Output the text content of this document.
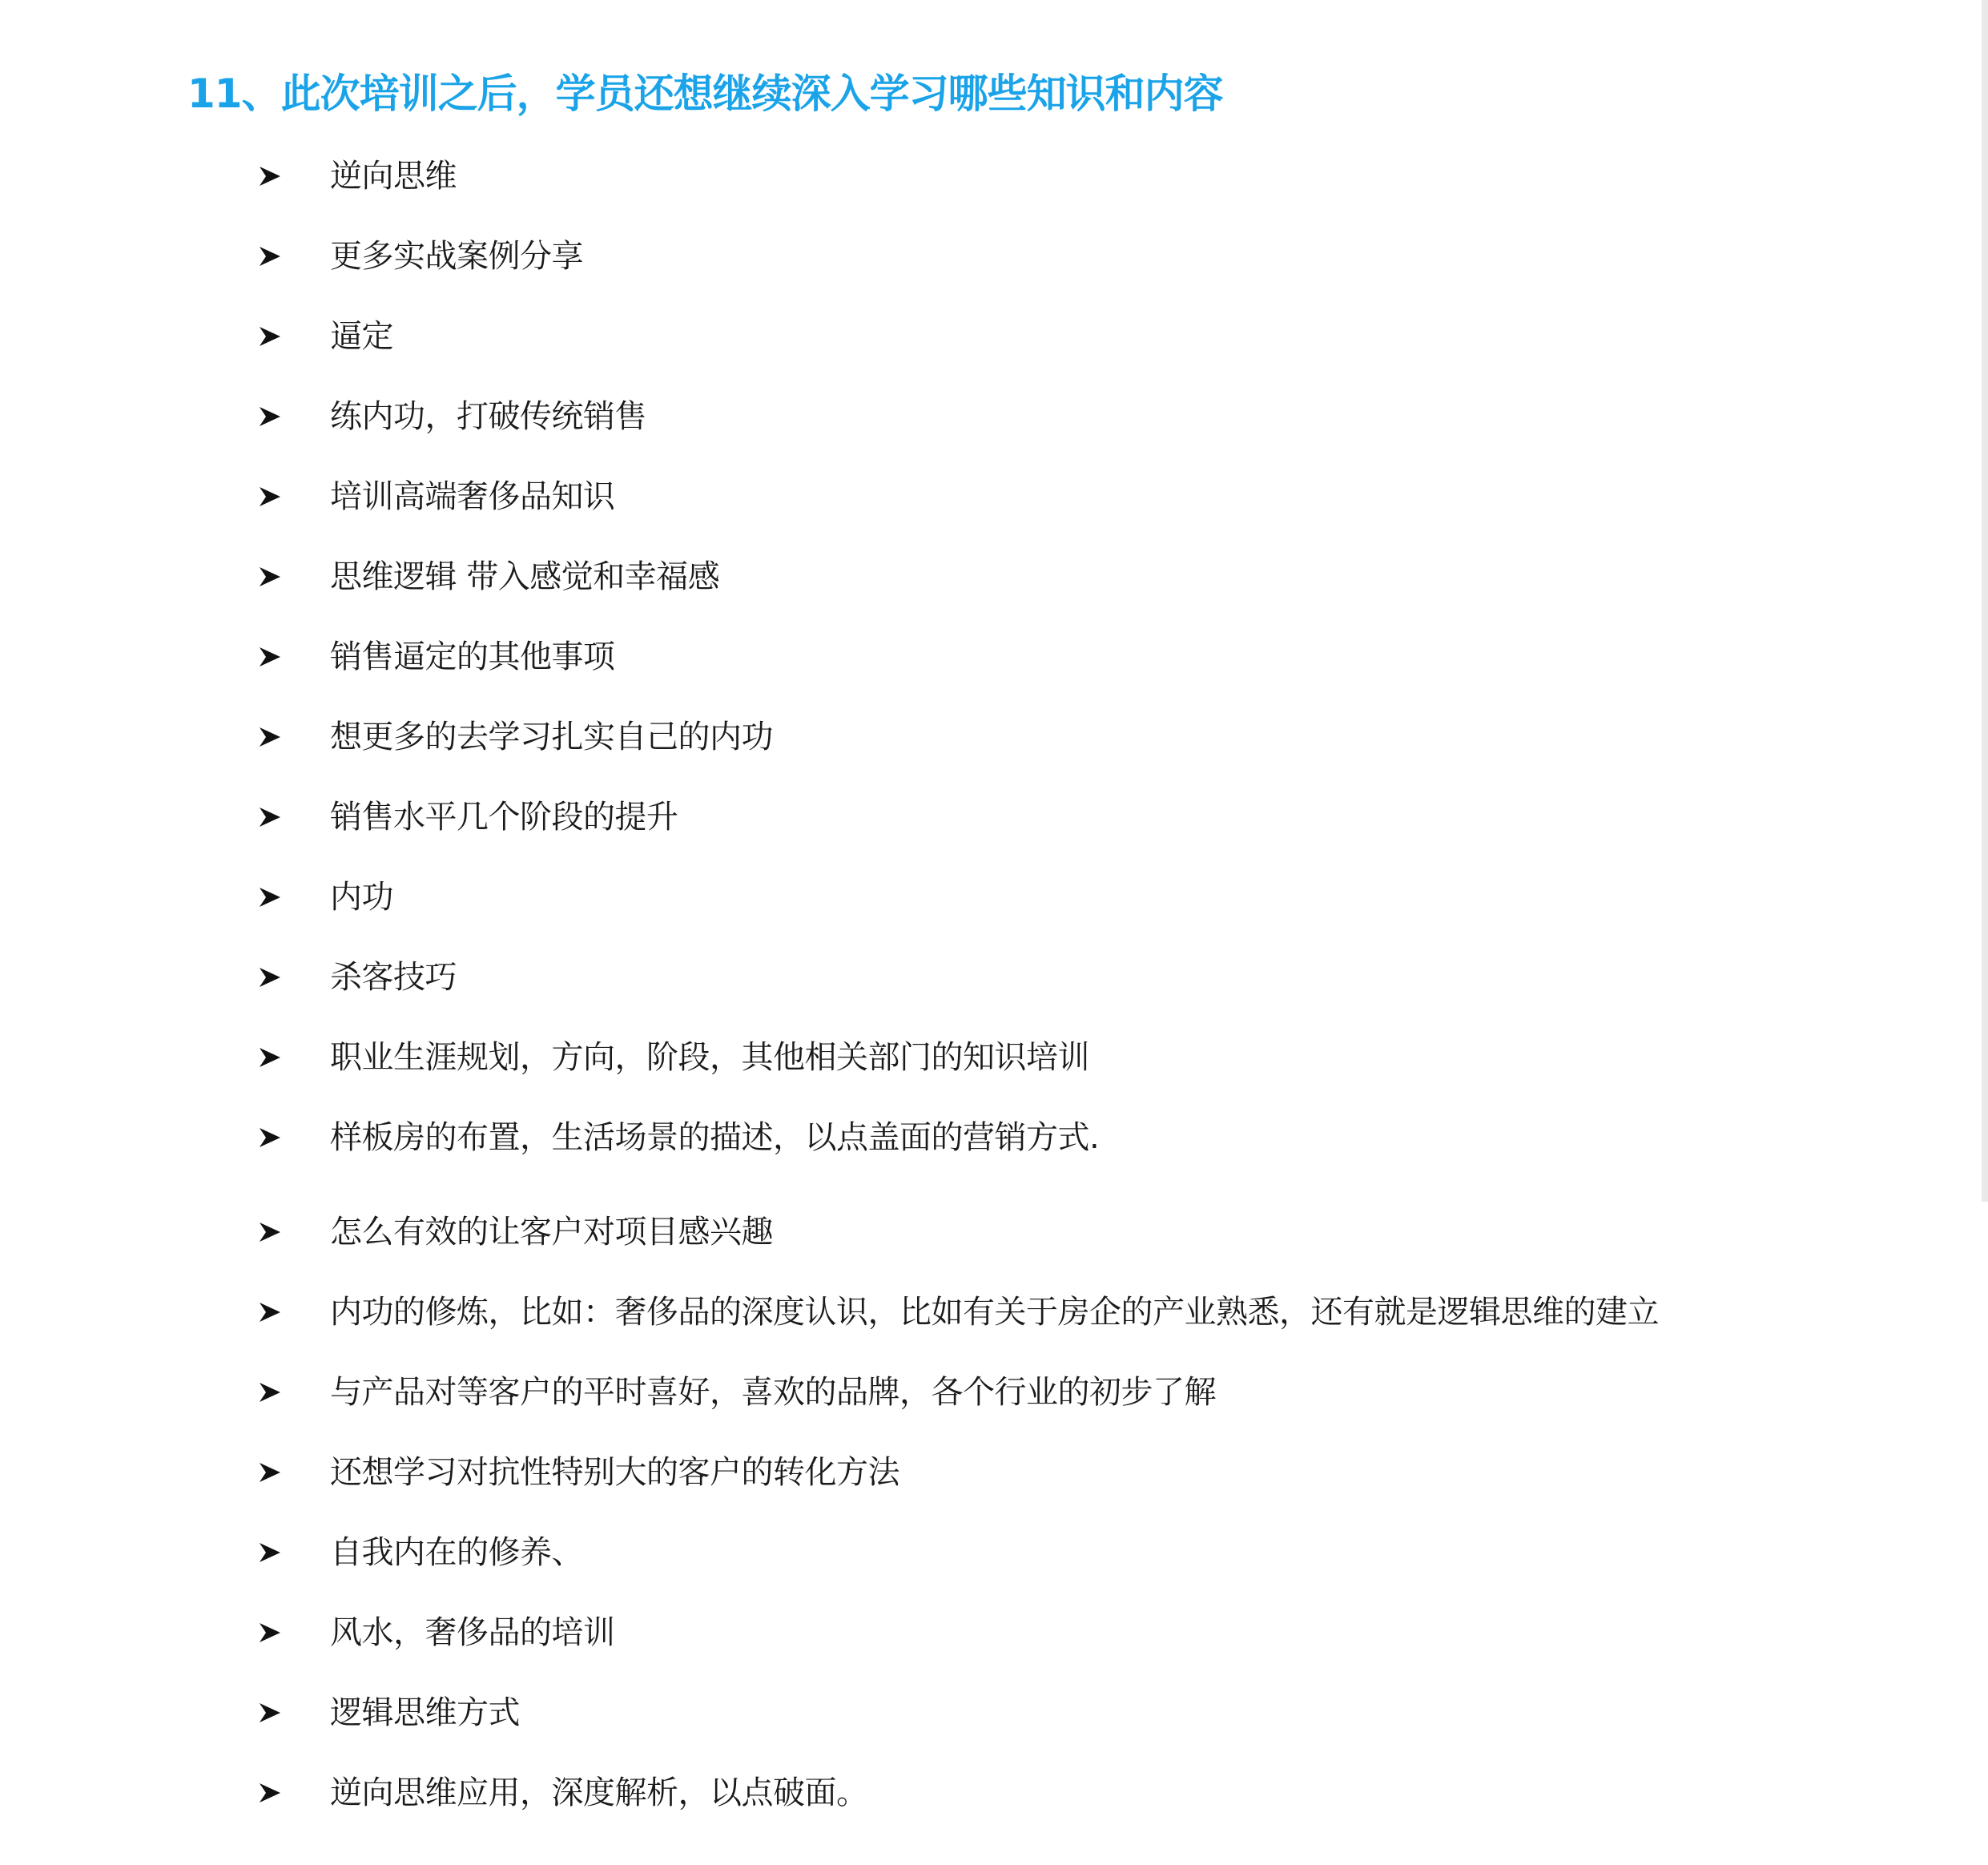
11、此次培训之后，学员还想继续深入学习哪些知识和内容
逆向思维
更多实战案例分享
逼定
练内功，打破传统销售
培训高端奢侈品知识
思维逻辑 带入感觉和幸福感
销售逼定的其他事项
想更多的去学习扎实自己的内功
销售水平几个阶段的提升
内功
杀客技巧
职业生涯规划，方向，阶段，其他相关部门的知识培训
样板房的布置，生活场景的描述，以点盖面的营销方式.
怎么有效的让客户对项目感兴趣
内功的修炼，比如：奢侈品的深度认识，比如有关于房企的产业熟悉，还有就是逻辑思维的建立
与产品对等客户的平时喜好，喜欢的品牌，各个行业的初步了解
还想学习对抗性特别大的客户的转化方法
自我内在的修养、
风水，奢侈品的培训
逻辑思维方式
逆向思维应用，深度解析，以点破面。
